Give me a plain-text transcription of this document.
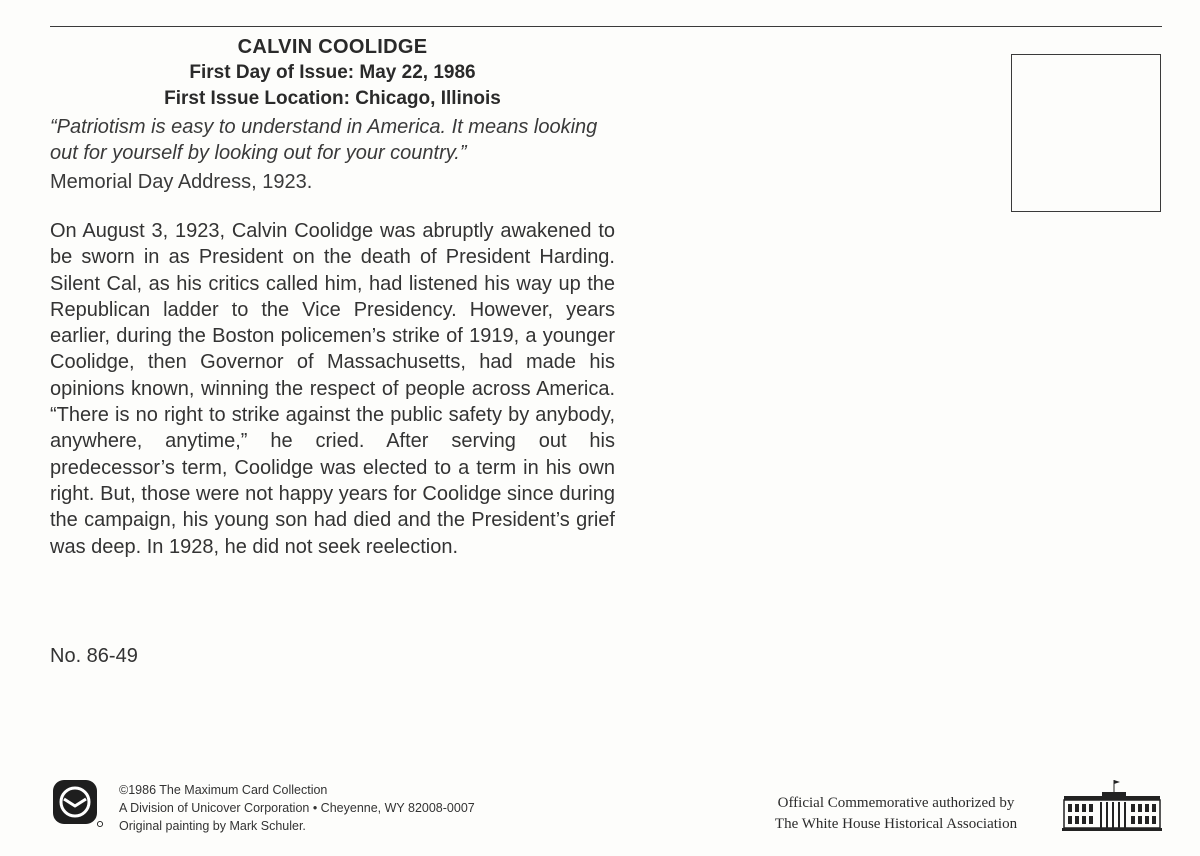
CALVIN COOLIDGE
First Day of Issue: May 22, 1986
First Issue Location: Chicago, Illinois
“Patriotism is easy to understand in America. It means looking out for yourself by looking out for your country.”
Memorial Day Address, 1923.
On August 3, 1923, Calvin Coolidge was abruptly awakened to be sworn in as President on the death of President Harding. Silent Cal, as his critics called him, had listened his way up the Republican ladder to the Vice Presidency. However, years earlier, during the Boston policemen’s strike of 1919, a younger Coolidge, then Governor of Massachusetts, had made his opinions known, winning the respect of people across America. “There is no right to strike against the public safety by anybody, anywhere, anytime,” he cried. After serving out his predecessor’s term, Coolidge was elected to a term in his own right. But, those were not happy years for Coolidge since during the campaign, his young son had died and the President’s grief was deep. In 1928, he did not seek reelection.
No. 86-49
©1986 The Maximum Card Collection
A Division of Unicover Corporation • Cheyenne, WY 82008-0007
Original painting by Mark Schuler.
Official Commemorative authorized by
The White House Historical Association
